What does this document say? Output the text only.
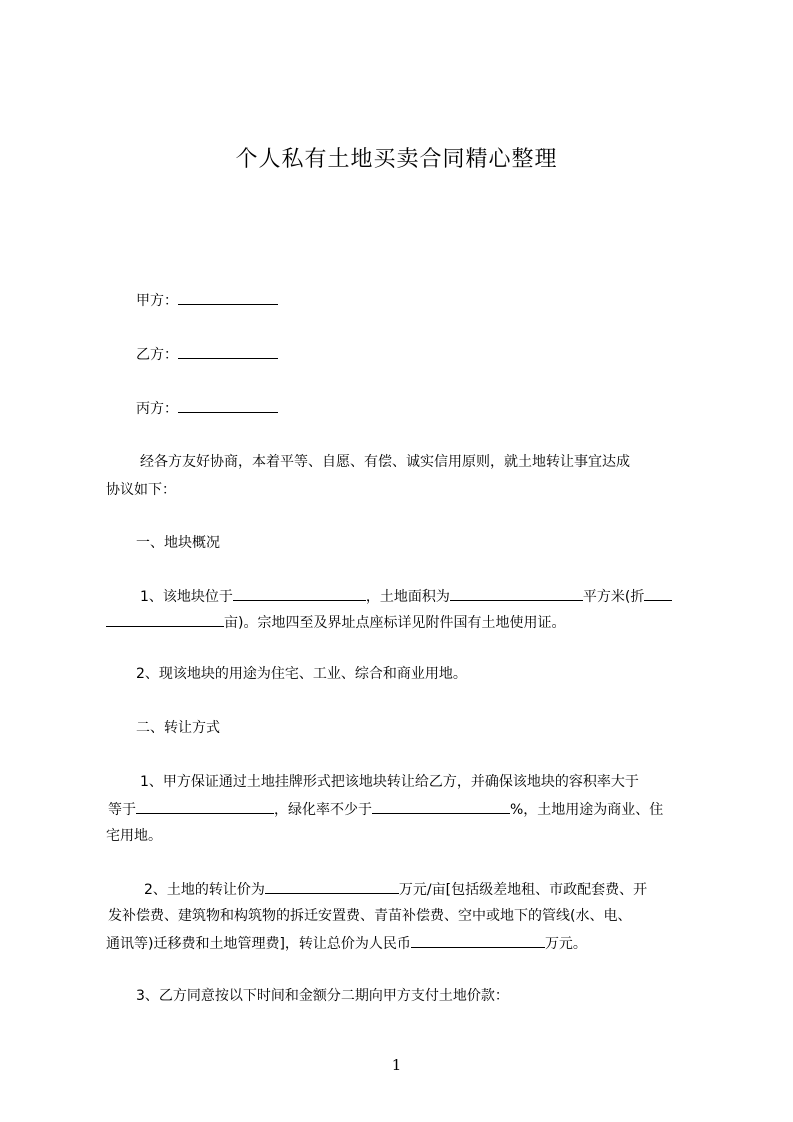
个人私有土地买卖合同精心整理

甲方：

乙方：

丙方：

经各方友好协商，本着平等、自愿、有偿、诚实信用原则，就土地转让事宜达成

协议如下：

一、地块概况

1、该地块位于	，土地面积为	平方米(折

亩)。宗地四至及界址点座标详见附件国有土地使用证。

2、现该地块的用途为住宅、工业、综合和商业用地。

二、转让方式

1、甲方保证通过土地挂牌形式把该地块转让给乙方，并确保该地块的容积率大于

等于	，绿化率不少于	%，土地用途为商业、住

宅用地。

2、土地的转让价为	万元/亩[包括级差地租、市政配套费、开

发补偿费、建筑物和构筑物的拆迁安置费、青苗补偿费、空中或地下的管线(水、电、

通讯等)迁移费和土地管理费]，转让总价为人民币	万元。

3、乙方同意按以下时间和金额分二期向甲方支付土地价款：

1
